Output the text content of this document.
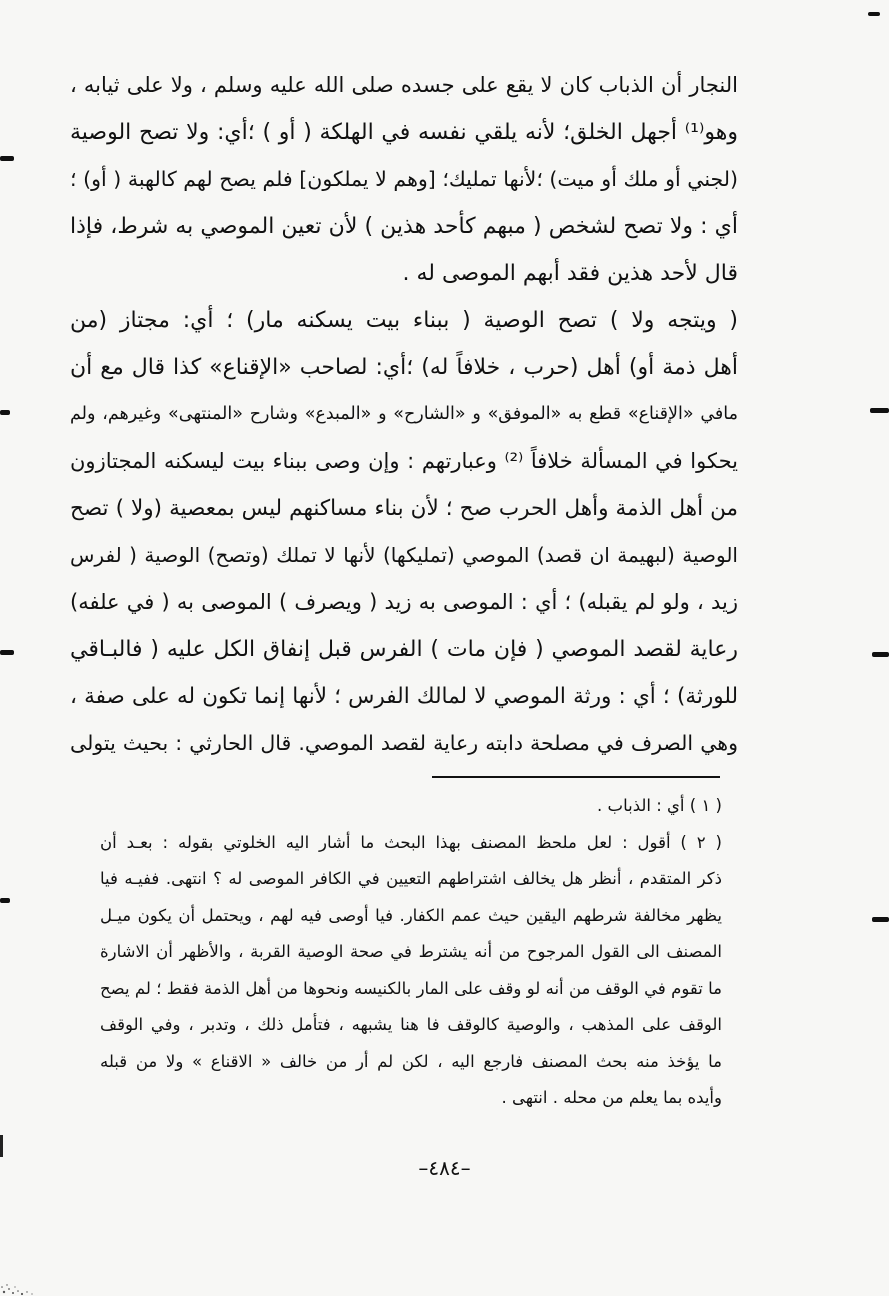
النجار أن الذباب كان لا يقع على جسده صلى الله عليه وسلم ، ولا على ثيابه ،
وهو⁽¹⁾ أجهل الخلق؛ لأنه يلقي نفسه في الهلكة ( أو ) ؛أي: ولا تصح الوصية
(لجني أو ملك أو ميت) ؛لأنها تمليك؛ [وهم لا يملكون] فلم يصح لهم كالهبة ( أو) ؛
أي : ولا تصح لشخص ( مبهم كأحد هذين ) لأن تعين الموصي به شرط، فإذا
قال لأحد هذين فقد أبهم الموصى له .
( ويتجه ولا ) تصح الوصية ( ببناء بيت يسكنه مار) ؛ أي: مجتاز (من
أهل ذمة أو) أهل (حرب ، خلافاً له) ؛أي: لصاحب «الإقناع» كذا قال مع أن
مافي «الإقناع» قطع به «الموفق» و «الشارح» و «المبدع» وشارح «المنتهى» وغيرهم، ولم
يحكوا في المسألة خلافاً ⁽²⁾ وعبارتهم : وإن وصى ببناء بيت ليسكنه المجتازون
من أهل الذمة وأهل الحرب صح ؛ لأن بناء مساكنهم ليس بمعصية (ولا ) تصح
الوصية (لبهيمة ان قصد) الموصي (تمليكها) لأنها لا تملك (وتصح) الوصية ( لفرس
زيد ، ولو لم يقبله) ؛ أي : الموصى به زيد ( ويصرف ) الموصى به ( في علفه)
رعاية لقصد الموصي ( فإن مات ) الفرس قبل إنفاق الكل عليه ( فالبـاقي
للورثة) ؛ أي : ورثة الموصي لا لمالك الفرس ؛ لأنها إنما تكون له على صفة ،
وهي الصرف في مصلحة دابته رعاية لقصد الموصي. قال الحارثي : بحيث يتولى
( ١ ) أي : الذباب .
( ٢ ) أقول : لعل ملحظ المصنف بهذا البحث ما أشار اليه الخلوتي بقوله : بعـد أن
ذكر المتقدم ، أنظر هل يخالف اشتراطهم التعيين في الكافر الموصى له ؟ انتهى. ففيـه فيا
يظهر مخالفة شرطهم اليقين حيث عمم الكفار. فيا أوصى فيه لهم ، ويحتمل أن يكون ميـل
المصنف الى القول المرجوح من أنه يشترط في صحة الوصية القربة ، والأظهر أن الاشارة
ما تقوم في الوقف من أنه لو وقف على المار بالكنيسه ونحوها من أهل الذمة فقط ؛ لم يصح
الوقف على المذهب ، والوصية كالوقف فا هنا يشبهه ، فتأمل ذلك ، وتدبر ، وفي الوقف
ما يؤخذ منه بحث المصنف فارجع اليه ، لكن لم أر من خالف « الاقناع » ولا من قبله
وأيده بما يعلم من محله . انتهى .
–٤٨٤–
